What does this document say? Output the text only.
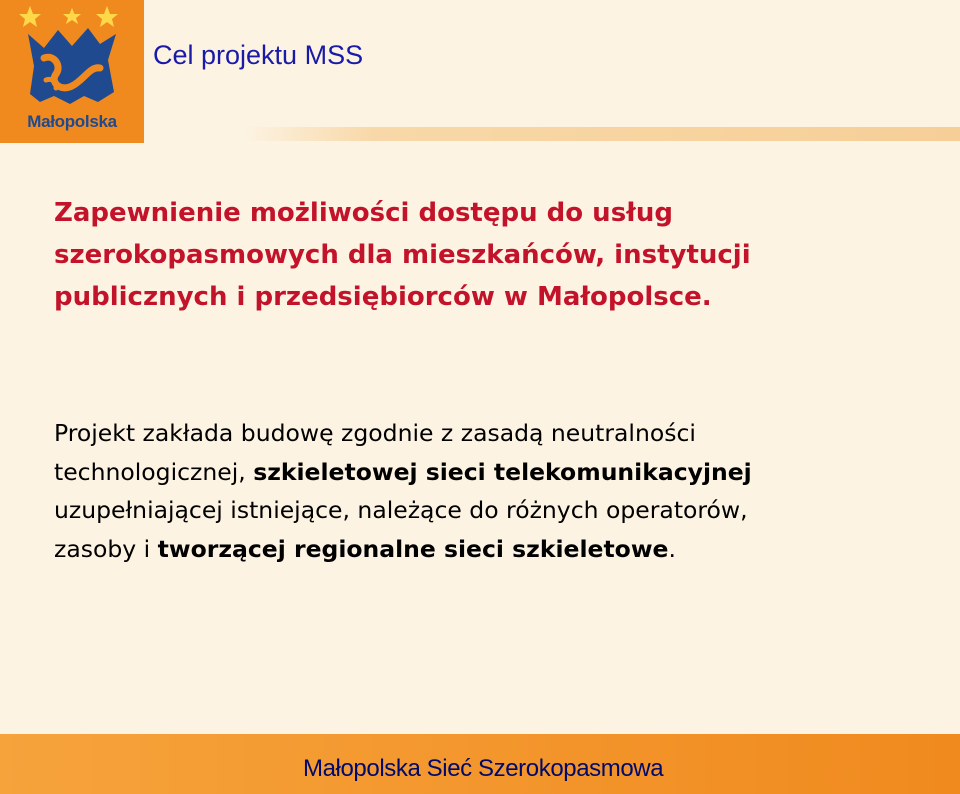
Małopolska
Cel projektu MSS
Zapewnienie możliwości dostępu do usług
szerokopasmowych dla mieszkańców, instytucji
publicznych i przedsiębiorców w Małopolsce.
Projekt zakłada budowę zgodnie z zasadą neutralności
technologicznej, szkieletowej sieci telekomunikacyjnej
uzupełniającej istniejące, należące do różnych operatorów,
zasoby i tworzącej regionalne sieci szkieletowe.
Małopolska Sieć Szerokopasmowa
